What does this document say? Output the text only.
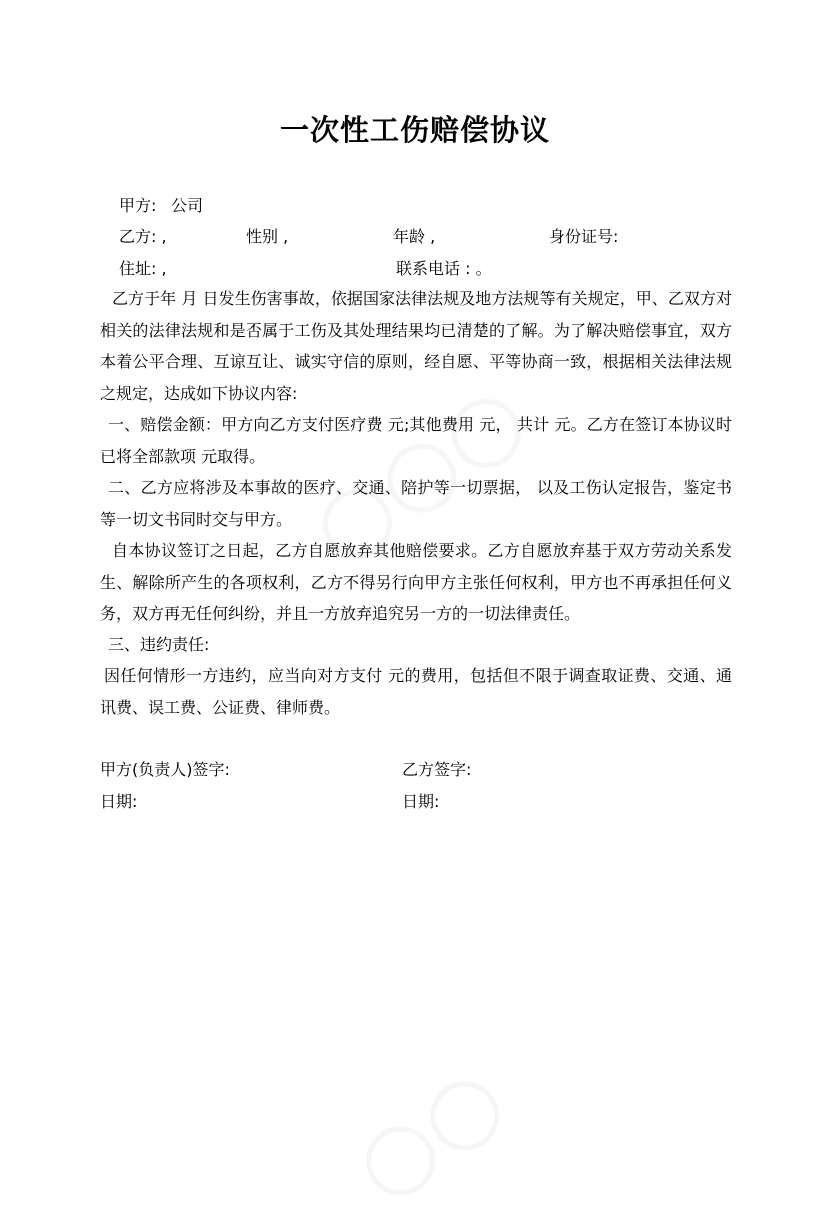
一次性工伤赔偿协议
甲方: 公司
乙方: ,	性别 ,	年龄 ,	身份证号:
住址: ,	联系电话 : 。
乙方于年 月 日发生伤害事故，依据国家法律法规及地方法规等有关规定，甲、乙双方对相关的法律法规和是否属于工伤及其处理结果均已清楚的了解。为了解决赔偿事宜，双方本着公平合理、互谅互让、诚实守信的原则，经自愿、平等协商一致，根据相关法律法规之规定，达成如下协议内容:
一、赔偿金额：甲方向乙方支付医疗费 元;其他费用 元， 共计 元。乙方在签订本协议时已将全部款项 元取得。
二、乙方应将涉及本事故的医疗、交通、陪护等一切票据， 以及工伤认定报告，鉴定书等一切文书同时交与甲方。
自本协议签订之日起，乙方自愿放弃其他赔偿要求。乙方自愿放弃基于双方劳动关系发生、解除所产生的各项权利，乙方不得另行向甲方主张任何权利，甲方也不再承担任何义务，双方再无任何纠纷，并且一方放弃追究另一方的一切法律责任。
三、违约责任:
因任何情形一方违约，应当向对方支付 元的费用，包括但不限于调查取证费、交通、通讯费、误工费、公证费、律师费。
甲方(负责人)签字:	乙方签字:
日期:	日期:
